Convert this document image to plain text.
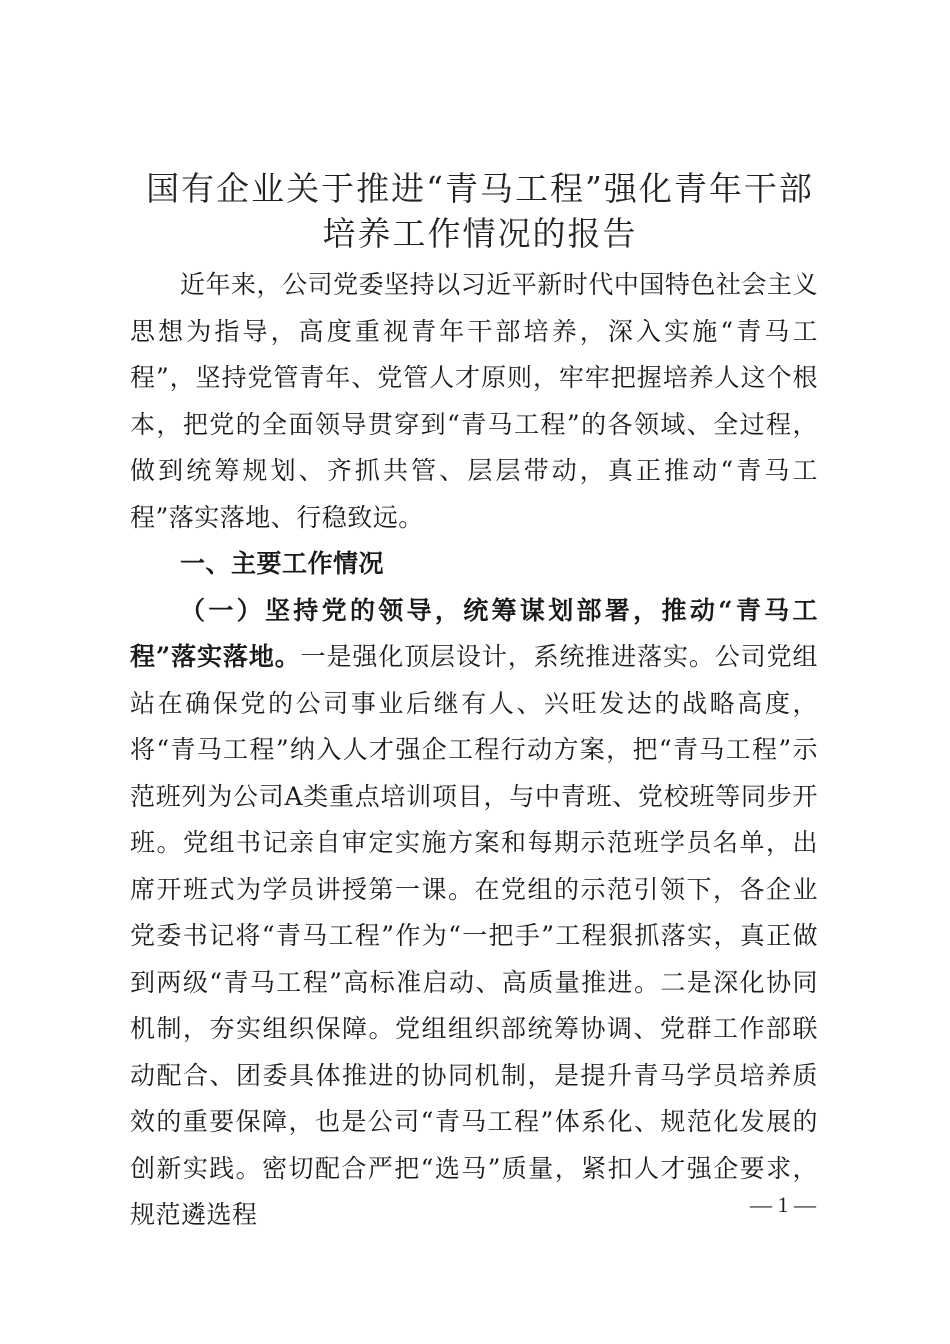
国有企业关于推进“青马工程”强化青年干部
培养工作情况的报告

近年来，公司党委坚持以习近平新时代中国特色社会主义思想为指导，高度重视青年干部培养，深入实施“青马工程”，坚持党管青年、党管人才原则，牢牢把握培养人这个根本，把党的全面领导贯穿到“青马工程”的各领域、全过程，做到统筹规划、齐抓共管、层层带动，真正推动“青马工程”落实落地、行稳致远。

一、主要工作情况

（一）坚持党的领导，统筹谋划部署，推动“青马工程”落实落地。一是强化顶层设计，系统推进落实。公司党组站在确保党的公司事业后继有人、兴旺发达的战略高度，将“青马工程”纳入人才强企工程行动方案，把“青马工程”示范班列为公司A类重点培训项目，与中青班、党校班等同步开班。党组书记亲自审定实施方案和每期示范班学员名单，出席开班式为学员讲授第一课。在党组的示范引领下，各企业党委书记将“青马工程”作为“一把手”工程狠抓落实，真正做到两级“青马工程”高标准启动、高质量推进。二是深化协同机制，夯实组织保障。党组组织部统筹协调、党群工作部联动配合、团委具体推进的协同机制，是提升青马学员培养质效的重要保障，也是公司“青马工程”体系化、规范化发展的创新实践。密切配合严把“选马”质量，紧扣人才强企要求，规范遴选程	— 1 —
